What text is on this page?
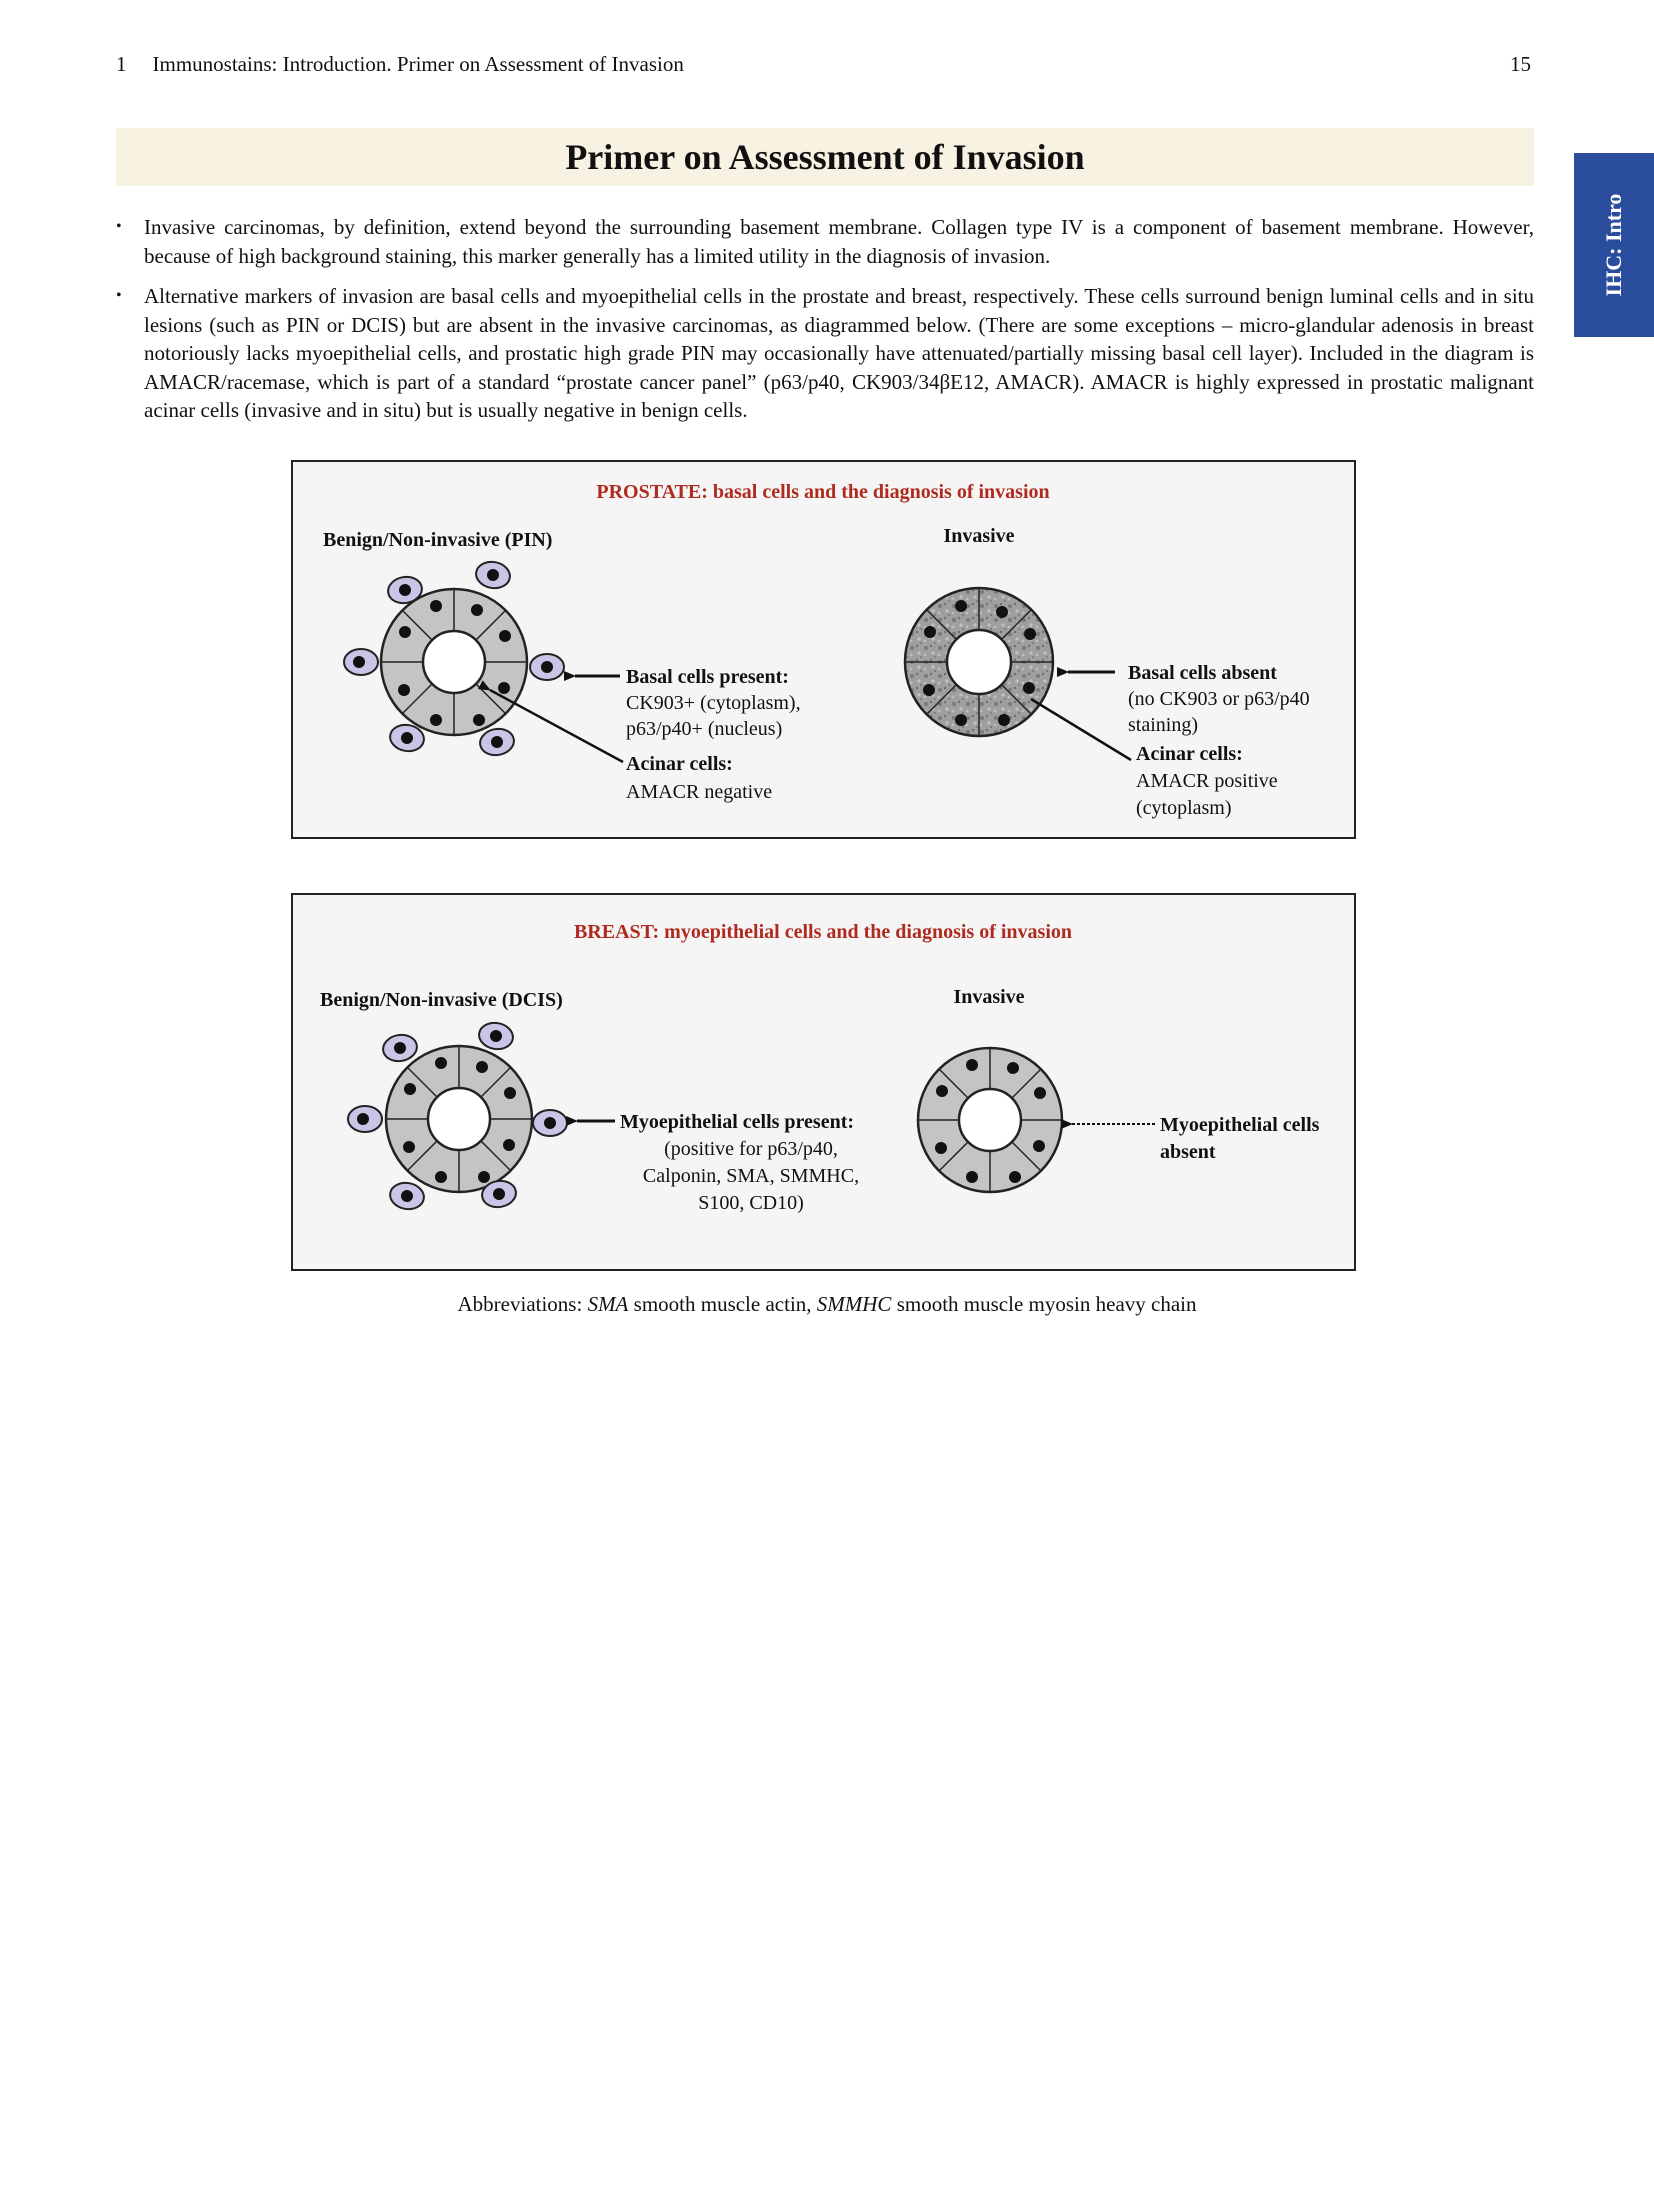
1 Immunostains: Introduction. Primer on Assessment of Invasion	15
IHC: Intro
Primer on Assessment of Invasion
• Invasive carcinomas, by definition, extend beyond the surrounding basement membrane. Collagen type IV is a component of basement membrane. However, because of high background staining, this marker generally has a limited utility in the diagnosis of invasion.
• Alternative markers of invasion are basal cells and myoepithelial cells in the prostate and breast, respectively. These cells surround benign luminal cells and in situ lesions (such as PIN or DCIS) but are absent in the invasive carcinomas, as diagrammed below. (There are some exceptions – micro-glandular adenosis in breast notoriously lacks myoepithelial cells, and prostatic high grade PIN may occasionally have attenuated/partially missing basal cell layer). Included in the diagram is AMACR/racemase, which is part of a standard “prostate cancer panel” (p63/p40, CK903/34βE12, AMACR). AMACR is highly expressed in prostatic malignant acinar cells (invasive and in situ) but is usually negative in benign cells.
PROSTATE: basal cells and the diagnosis of invasion
Benign/Non-invasive (PIN)	Invasive
Basal cells present:
CK903+ (cytoplasm),
p63/p40+ (nucleus)
Acinar cells:
AMACR negative
Basal cells absent
(no CK903 or p63/p40
staining)
Acinar cells:
AMACR positive
(cytoplasm)
BREAST: myoepithelial cells and the diagnosis of invasion
Benign/Non-invasive (DCIS)	Invasive
Myoepithelial cells present:
(positive for p63/p40,
Calponin, SMA, SMMHC,
S100, CD10)
Myoepithelial cells
absent
Abbreviations: SMA smooth muscle actin, SMMHC smooth muscle myosin heavy chain
